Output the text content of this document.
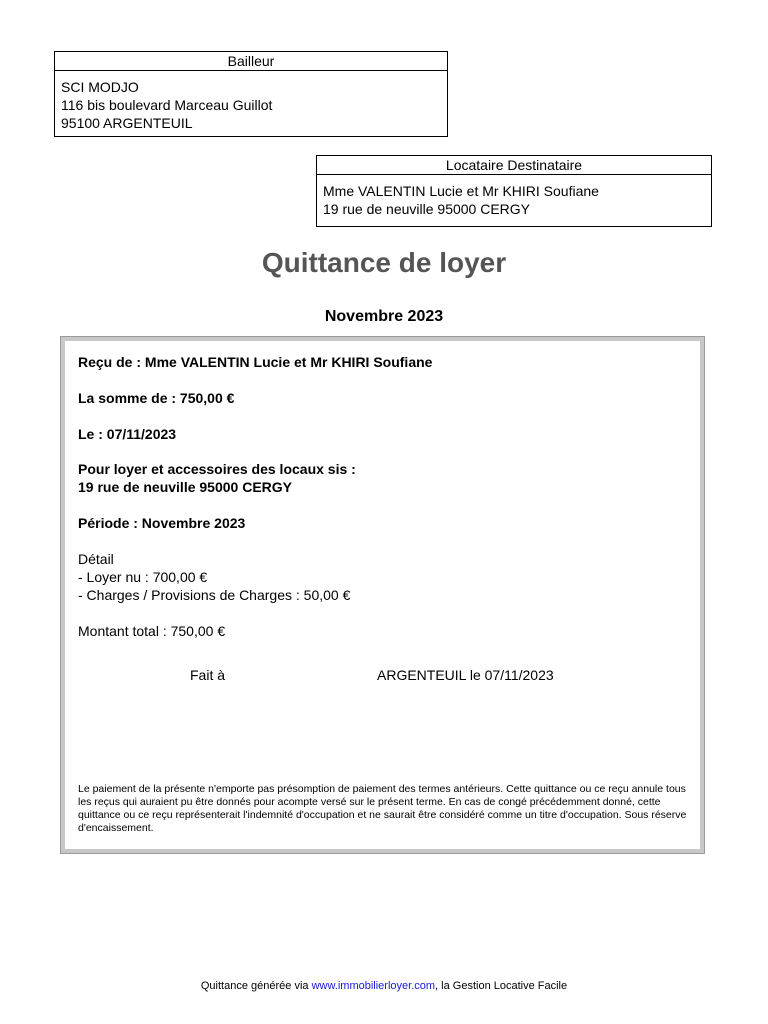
Bailleur
SCI MODJO
116 bis boulevard Marceau Guillot
95100 ARGENTEUIL
Locataire Destinataire
Mme VALENTIN Lucie et Mr KHIRI Soufiane
19 rue de neuville 95000 CERGY
Quittance de loyer
Novembre 2023
Reçu de : Mme VALENTIN Lucie et Mr KHIRI Soufiane
La somme de : 750,00 €
Le : 07/11/2023
Pour loyer et accessoires des locaux sis :
19 rue de neuville 95000 CERGY
Période : Novembre 2023
Détail
- Loyer nu : 700,00 €
- Charges / Provisions de Charges : 50,00 €
Montant total : 750,00 €
Fait à	ARGENTEUIL le 07/11/2023
Le paiement de la présente n'emporte pas présomption de paiement des termes antérieurs. Cette quittance ou ce reçu annule tous les reçus qui auraient pu être donnés pour acompte versé sur le présent terme. En cas de congé précédemment donné, cette quittance ou ce reçu représenterait l'indemnité d'occupation et ne saurait être considéré comme un titre d'occupation. Sous réserve d'encaissement.
Quittance générée via www.immobilierloyer.com, la Gestion Locative Facile
